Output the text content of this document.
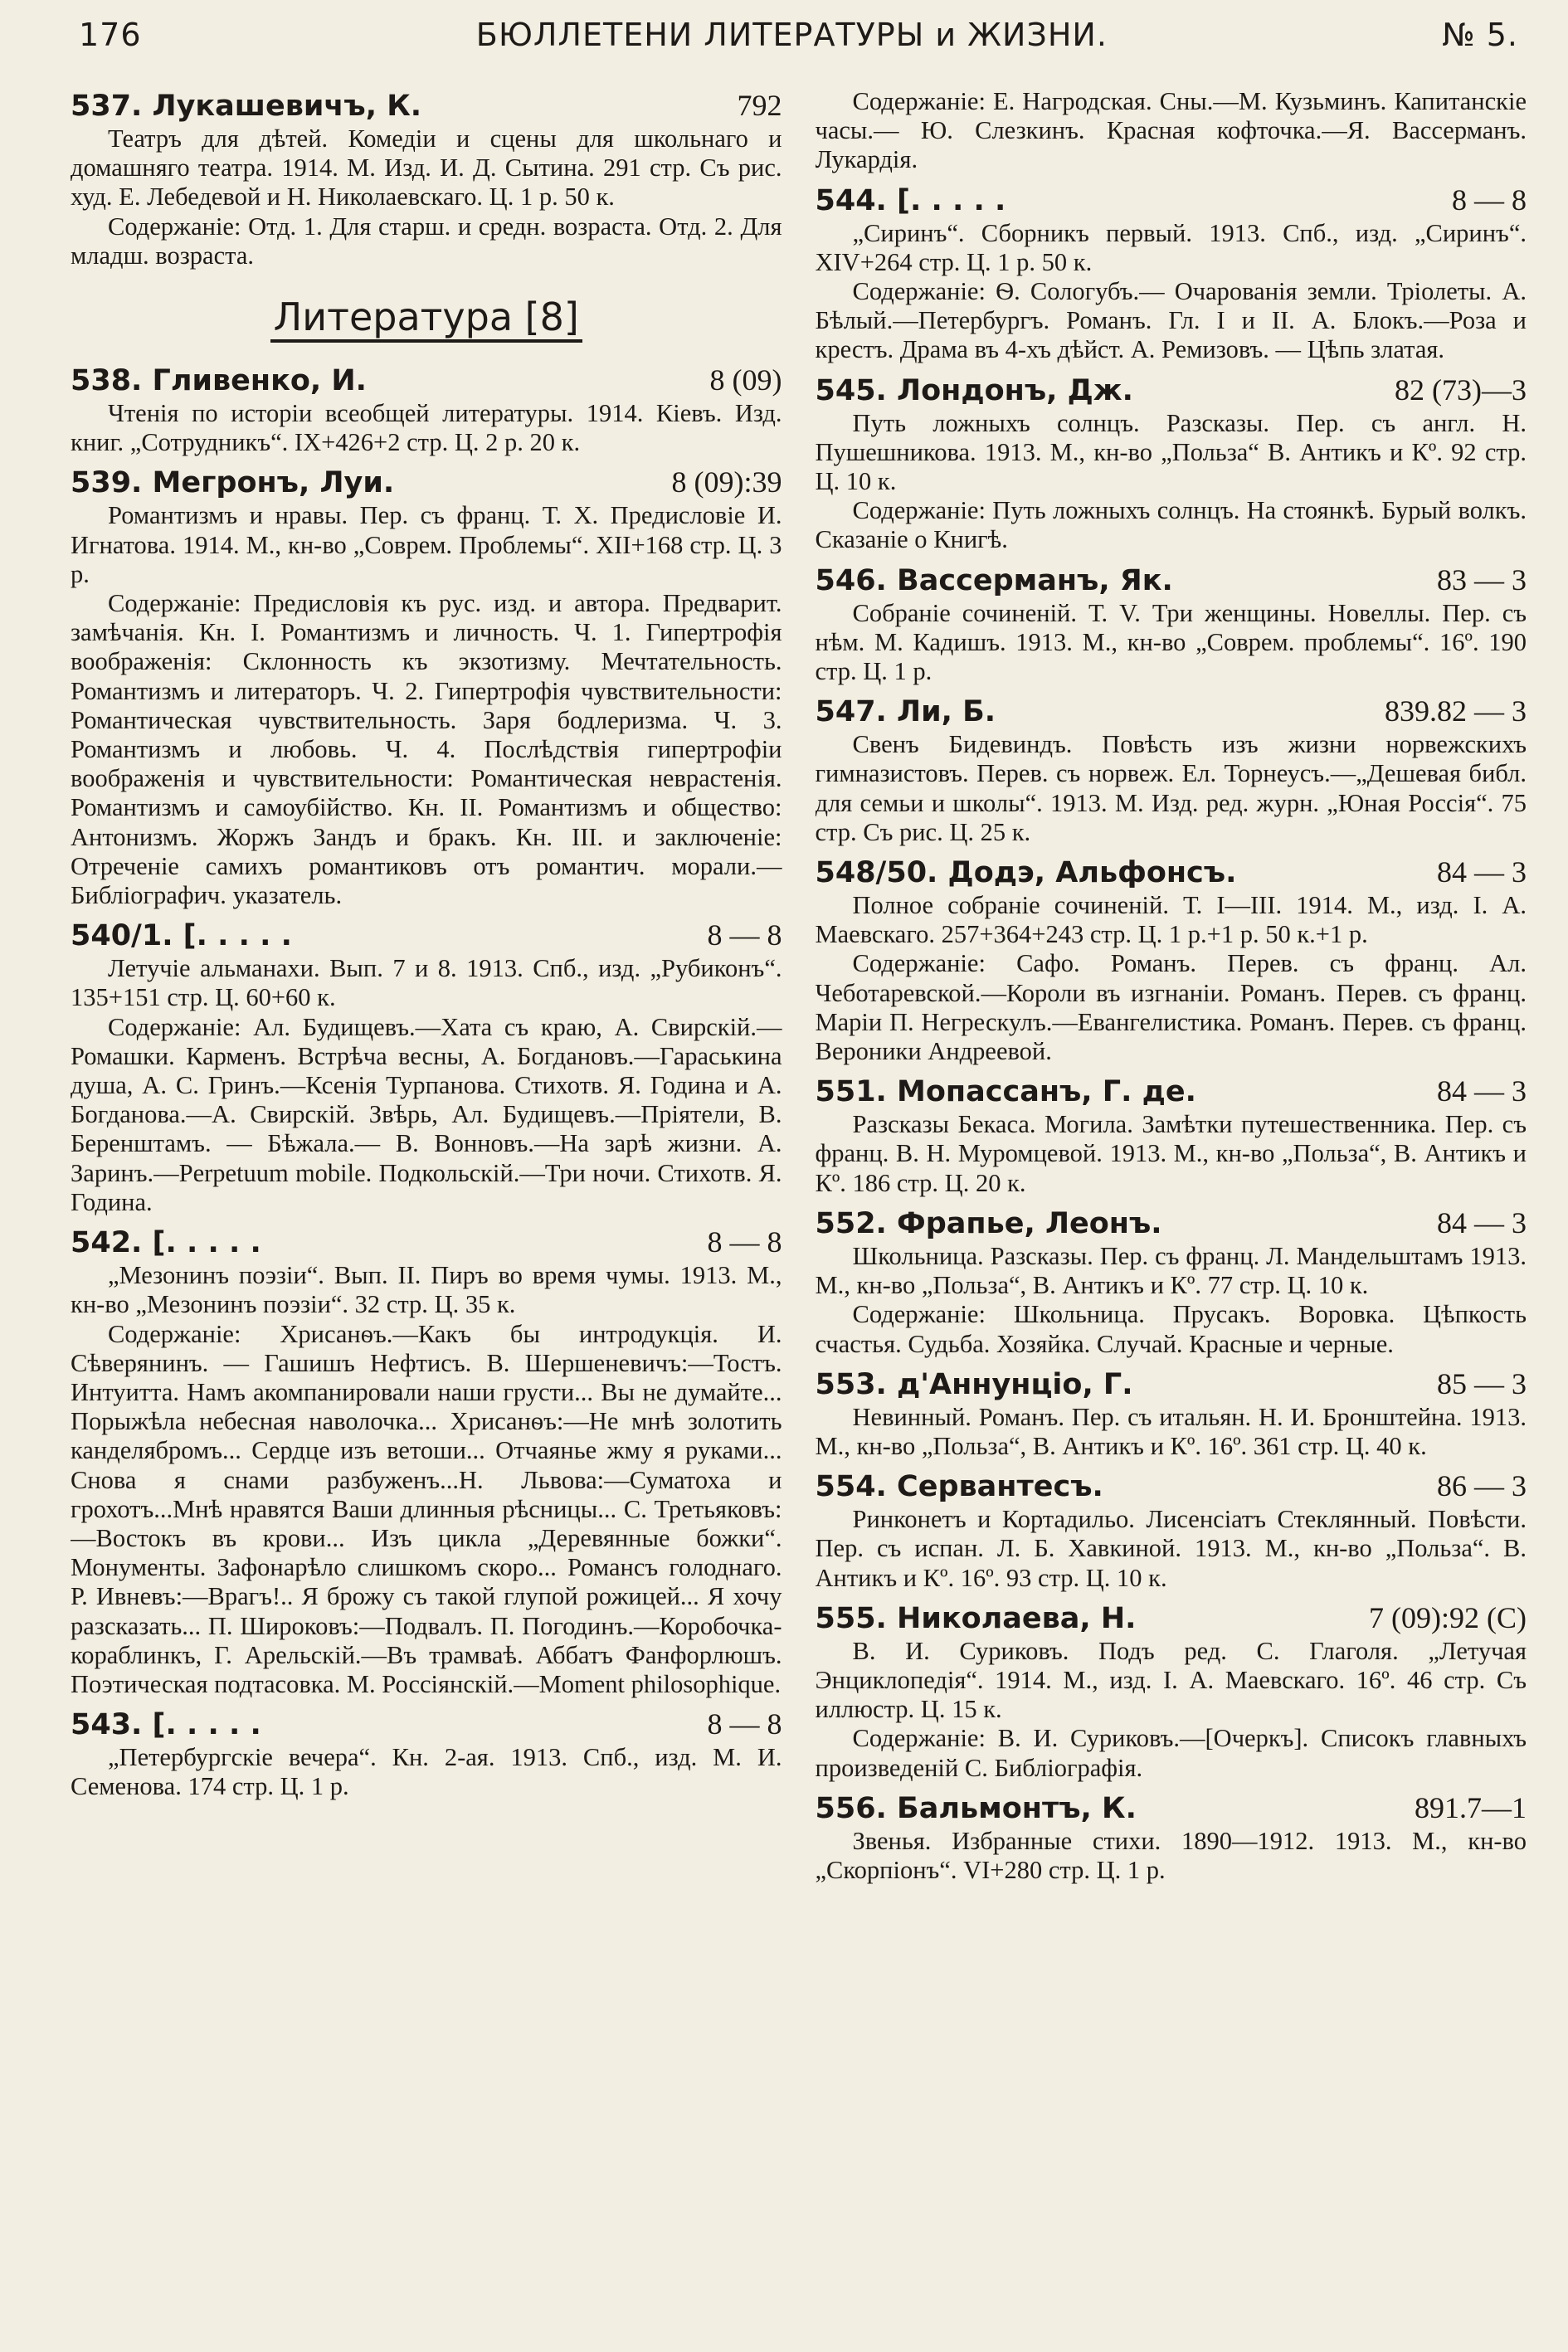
176	БЮЛЛЕТЕНИ ЛИТЕРАТУРЫ и ЖИЗНИ.	№ 5.
537. Лукашевичъ, К.	792

Театръ для дѣтей. Комедіи и сцены для школьнаго и домашняго театра. 1914. М. Изд. И. Д. Сытина. 291 стр. Съ рис. худ. Е. Лебедевой и Н. Николаевскаго. Ц. 1 р. 50 к.

Содержаніе: Отд. 1. Для старш. и средн. возраста. Отд. 2. Для младш. возраста.

Литература [8]
538. Гливенко, И.	8 (09)

Чтенія по исторіи всеобщей литературы. 1914. Кіевъ. Изд. книг. „Сотрудникъ“. IX+426+2 стр. Ц. 2 р. 20 к.

539. Мегронъ, Луи.	8 (09):39

Романтизмъ и нравы. Пер. съ франц. Т. Х. Предисловіе И. Игнатова. 1914. М., кн-во „Соврем. Проблемы“. XII+168 стр. Ц. 3 р.

Содержаніе: Предисловія къ рус. изд. и автора. Предварит. замѣчанія. Кн. I. Романтизмъ и личность. Ч. 1. Гипертрофія воображенія: Склонность къ экзотизму. Мечтательность. Романтизмъ и литераторъ. Ч. 2. Гипертрофія чувствительности: Романтическая чувствительность. Заря бодлеризма. Ч. 3. Романтизмъ и любовь. Ч. 4. Послѣдствія гипертрофіи воображенія и чувствительности: Романтическая неврастенія. Романтизмъ и самоубійство. Кн. II. Романтизмъ и общество: Антонизмъ. Жоржъ Зандъ и бракъ. Кн. III. и заключеніе: Отреченіе самихъ романтиковъ отъ романтич. морали.—Библіографич. указатель.

540/1. [. . . . .	8 — 8

Летучіе альманахи. Вып. 7 и 8. 1913. Спб., изд. „Рубиконъ“. 135+151 стр. Ц. 60+60 к.

Содержаніе: Ал. Будищевъ.—Хата съ краю, А. Свирскій.—Ромашки. Карменъ. Встрѣча весны, А. Богдановъ.—Гараськина душа, А. С. Гринъ.—Ксенія Турпанова. Стихотв. Я. Година и А. Богданова.—А. Свирскій. Звѣрь, Ал. Будищевъ.—Пріятели, В. Беренштамъ. — Бѣжала.— В. Вонновъ.—На зарѣ жизни. А. Заринъ.—Perpetuum mobile. Подкольскій.—Три ночи. Стихотв. Я. Година.

542. [. . . . .	8 — 8

„Мезонинъ поэзіи“. Вып. II. Пиръ во время чумы. 1913. М., кн-во „Мезонинъ поэзіи“. 32 стр. Ц. 35 к.

Содержаніе: Хрисанѳъ.—Какъ бы интродукція. И. Сѣверянинъ. — Гашишъ Нефтисъ. В. Шершеневичъ:—Тостъ. Интуитта. Намъ акомпанировали наши грусти... Вы не думайте... Порыжѣла небесная наволочка... Хрисанѳъ:—Не мнѣ золотить канделябромъ... Сердце изъ ветоши... Отчаянье жму я руками... Снова я снами разбуженъ...Н. Львова:—Суматоха и грохотъ...Мнѣ нравятся Ваши длинныя рѣсницы... С. Третьяковъ:—Востокъ въ крови... Изъ цикла „Деревянные божки“. Монументы. Зафонарѣло слишкомъ скоро... Романсъ голоднаго. Р. Ивневъ:—Врагъ!.. Я брожу съ такой глупой рожицей... Я хочу разсказать... П. Широковъ:—Подвалъ. П. Погодинъ.—Коробочка-кораблинкъ, Г. Арельскій.—Въ трамваѣ. Аббатъ Фанфорлюшъ. Поэтическая подтасовка. М. Россіянскій.—Moment philosophique.

543. [. . . . .	8 — 8

„Петербургскіе вечера“. Кн. 2-ая. 1913. Спб., изд. М. И. Семенова. 174 стр. Ц. 1 р.

Содержаніе: Е. Нагродская. Сны.—М. Кузьминъ. Капитанскіе часы.— Ю. Слезкинъ. Красная кофточка.—Я. Вассерманъ. Лукардія.

544. [. . . . .	8 — 8

„Сиринъ“. Сборникъ первый. 1913. Спб., изд. „Сиринъ“. XIV+264 стр. Ц. 1 р. 50 к.

Содержаніе: Ѳ. Сологубъ.— Очарованія земли. Тріолеты. А. Бѣлый.—Петербургъ. Романъ. Гл. I и II. А. Блокъ.—Роза и крестъ. Драма въ 4-хъ дѣйст. А. Ремизовъ. — Цѣпь златая.

545. Лондонъ, Дж.	82 (73)—3

Путь ложныхъ солнцъ. Разсказы. Пер. съ англ. Н. Пушешникова. 1913. М., кн-во „Польза“ В. Антикъ и Кº. 92 стр. Ц. 10 к.

Содержаніе: Путь ложныхъ солнцъ. На стоянкѣ. Бурый волкъ. Сказаніе о Книгѣ.

546. Вассерманъ, Як.	83 — 3

Собраніе сочиненій. Т. V. Три женщины. Новеллы. Пер. съ нѣм. М. Кадишъ. 1913. М., кн-во „Соврем. проблемы“. 16º. 190 стр. Ц. 1 р.

547. Ли, Б.	839.82 — 3

Свенъ Бидевиндъ. Повѣсть изъ жизни норвежскихъ гимназистовъ. Перев. съ норвеж. Ел. Торнеусъ.—„Дешевая библ. для семьи и школы“. 1913. М. Изд. ред. журн. „Юная Россія“. 75 стр. Съ рис. Ц. 25 к.

548/50. Додэ, Альфонсъ.	84 — 3

Полное собраніе сочиненій. Т. I—III. 1914. М., изд. I. А. Маевскаго. 257+364+243 стр. Ц. 1 р.+1 р. 50 к.+1 р.

Содержаніе: Сафо. Романъ. Перев. съ франц. Ал. Чеботаревской.—Короли въ изгнаніи. Романъ. Перев. съ франц. Маріи П. Негрескулъ.—Евангелистика. Романъ. Перев. съ франц. Вероники Андреевой.

551. Мопассанъ, Г. де.	84 — 3

Разсказы Бекаса. Могила. Замѣтки путешественника. Пер. съ франц. В. Н. Муромцевой. 1913. М., кн-во „Польза“, В. Антикъ и Кº. 186 стр. Ц. 20 к.

552. Фрапье, Леонъ.	84 — 3

Школьница. Разсказы. Пер. съ франц. Л. Мандельштамъ 1913. М., кн-во „Польза“, В. Антикъ и Кº. 77 стр. Ц. 10 к.

Содержаніе: Школьница. Прусакъ. Воровка. Цѣпкость счастья. Судьба. Хозяйка. Случай. Красные и черные.

553. д'Аннунціо, Г.	85 — 3

Невинный. Романъ. Пер. съ итальян. Н. И. Бронштейна. 1913. М., кн-во „Польза“, В. Антикъ и Кº. 16º. 361 стр. Ц. 40 к.

554. Сервантесъ.	86 — 3

Ринконетъ и Кортадильо. Лисенсіатъ Стеклянный. Повѣсти. Пер. съ испан. Л. Б. Хавкиной. 1913. М., кн-во „Польза“. В. Антикъ и Кº. 16º. 93 стр. Ц. 10 к.

555. Николаева, Н.	7 (09):92 (С)

В. И. Суриковъ. Подъ ред. С. Глаголя. „Летучая Энциклопедія“. 1914. М., изд. I. А. Маевскаго. 16º. 46 стр. Съ иллюстр. Ц. 15 к.

Содержаніе: В. И. Суриковъ.—[Очеркъ]. Списокъ главныхъ произведеній С. Библіографія.

556. Бальмонтъ, К.	891.7—1

Звенья. Избранные стихи. 1890—1912. 1913. М., кн-во „Скорпіонъ“. VI+280 стр. Ц. 1 р.
